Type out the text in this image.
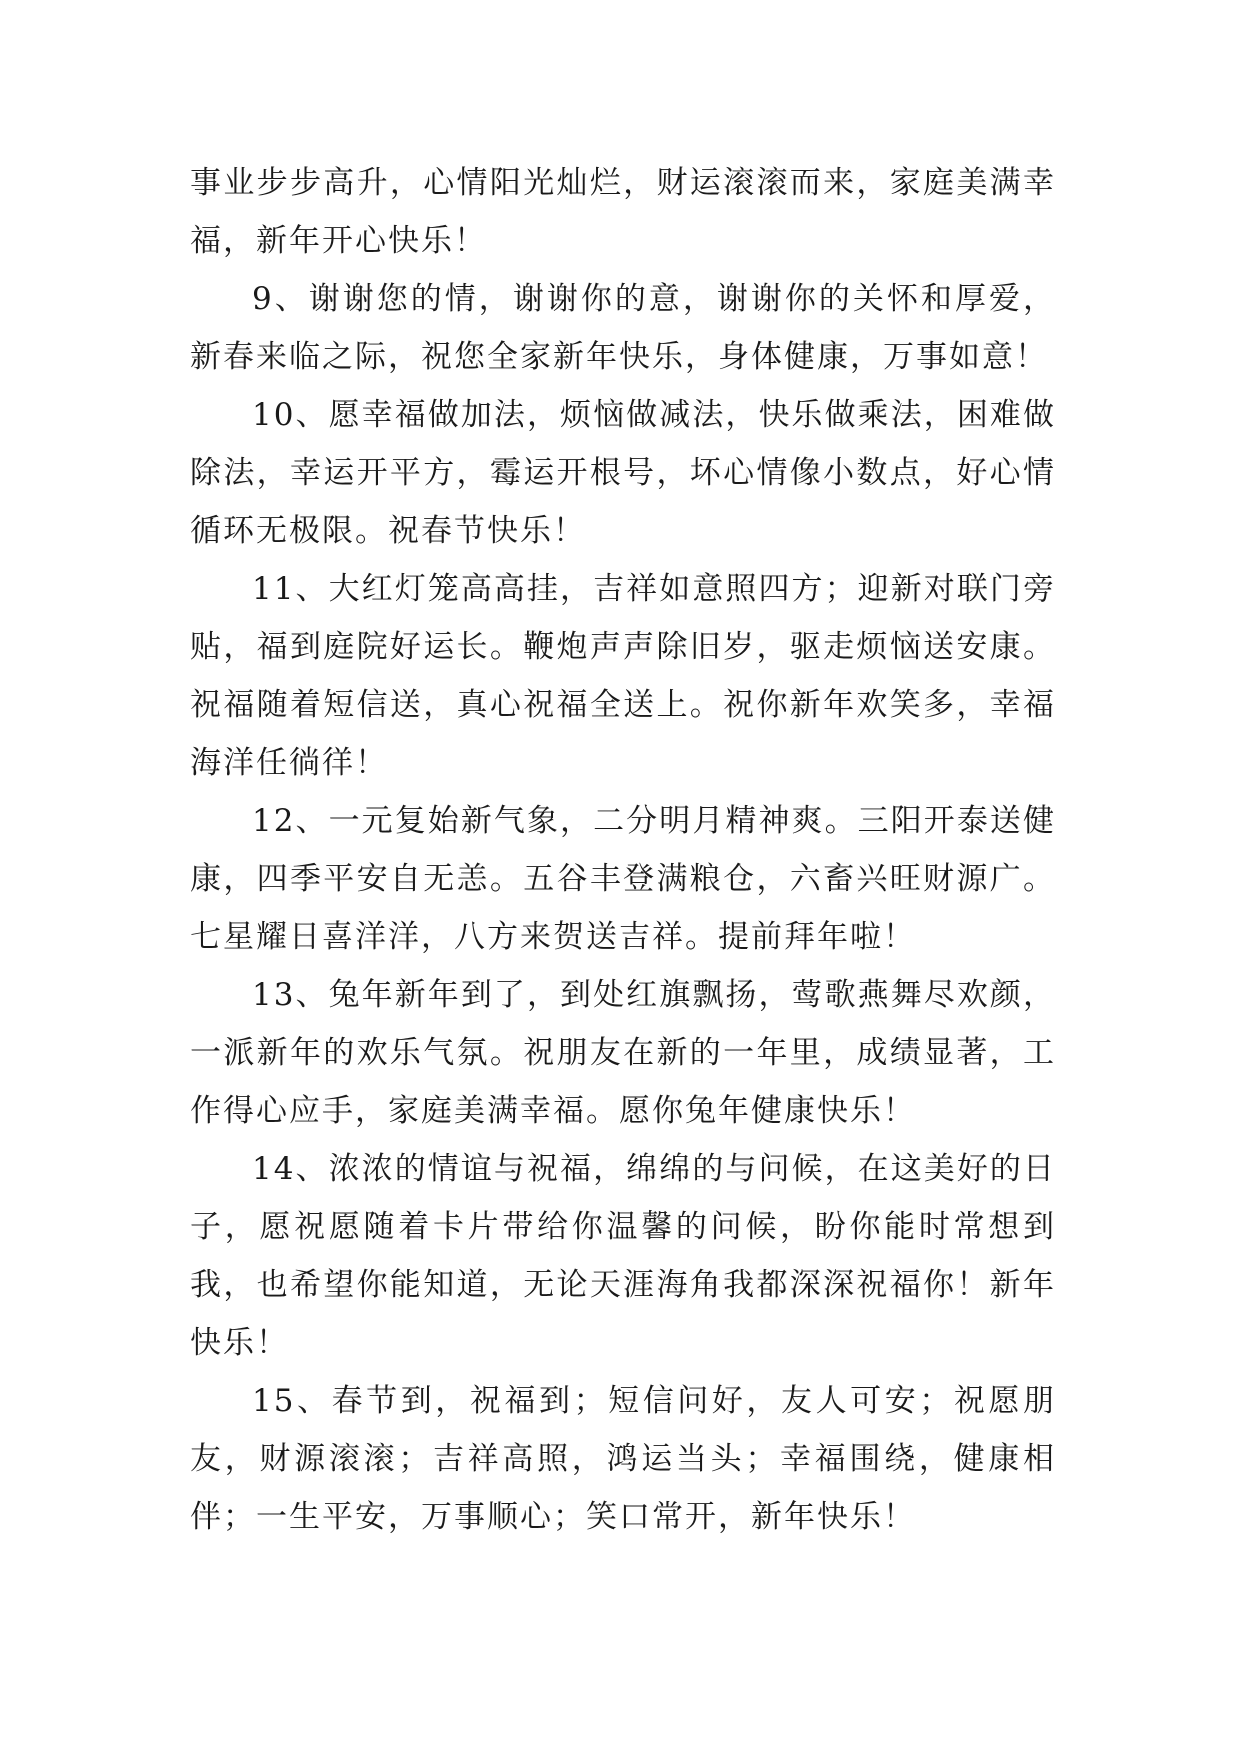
事业步步高升，心情阳光灿烂，财运滚滚而来，家庭美满幸福，新年开心快乐！

9、谢谢您的情，谢谢你的意，谢谢你的关怀和厚爱，新春来临之际，祝您全家新年快乐，身体健康，万事如意！

10、愿幸福做加法，烦恼做减法，快乐做乘法，困难做除法，幸运开平方，霉运开根号，坏心情像小数点，好心情循环无极限。祝春节快乐！

11、大红灯笼高高挂，吉祥如意照四方；迎新对联门旁贴，福到庭院好运长。鞭炮声声除旧岁，驱走烦恼送安康。祝福随着短信送，真心祝福全送上。祝你新年欢笑多，幸福海洋任徜徉！

12、一元复始新气象，二分明月精神爽。三阳开泰送健康，四季平安自无恙。五谷丰登满粮仓，六畜兴旺财源广。七星耀日喜洋洋，八方来贺送吉祥。提前拜年啦！

13、兔年新年到了，到处红旗飘扬，莺歌燕舞尽欢颜，一派新年的欢乐气氛。祝朋友在新的一年里，成绩显著，工作得心应手，家庭美满幸福。愿你兔年健康快乐！

14、浓浓的情谊与祝福，绵绵的与问候，在这美好的日子，愿祝愿随着卡片带给你温馨的问候，盼你能时常想到我，也希望你能知道，无论天涯海角我都深深祝福你！新年快乐！

15、春节到，祝福到；短信问好，友人可安；祝愿朋友，财源滚滚；吉祥高照，鸿运当头；幸福围绕，健康相伴；一生平安，万事顺心；笑口常开，新年快乐！
